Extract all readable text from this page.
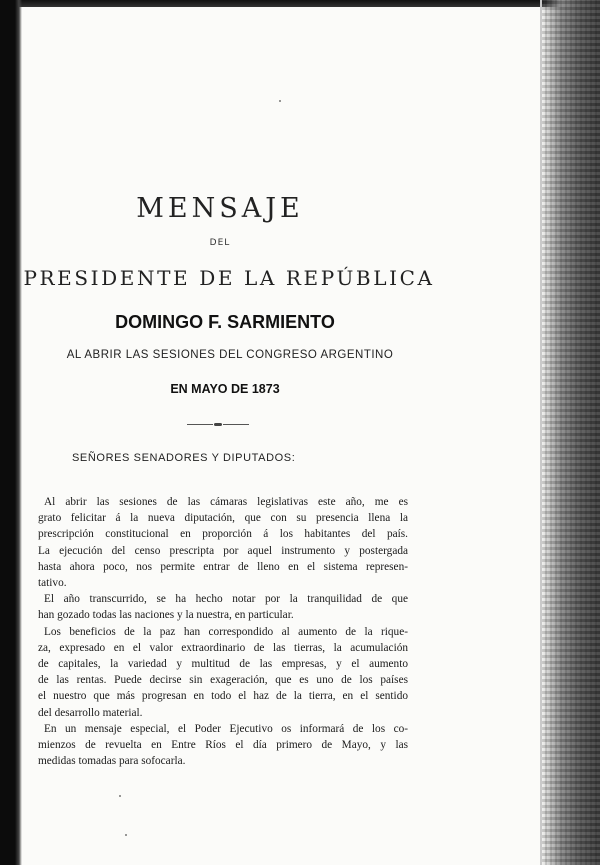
MENSAJE
DEL
PRESIDENTE DE LA REPÚBLICA
DOMINGO F. SARMIENTO
AL ABRIR LAS SESIONES DEL CONGRESO ARGENTINO
EN MAYO DE 1873
SEÑORES SENADORES Y DIPUTADOS:

Al abrir las sesiones de las cámaras legislativas este año, me es

grato felicitar á la nueva diputación, que con su presencia llena la

prescripción constitucional en proporción á los habitantes del país.

La ejecución del censo prescripta por aquel instrumento y postergada

hasta ahora poco, nos permite entrar de lleno en el sistema represen-

tativo.

El año transcurrido, se ha hecho notar por la tranquilidad de que

han gozado todas las naciones y la nuestra, en particular.

Los beneficios de la paz han correspondido al aumento de la rique-

za, expresado en el valor extraordinario de las tierras, la acumulación

de capitales, la variedad y multitud de las empresas, y el aumento

de las rentas. Puede decirse sin exageración, que es uno de los países

el nuestro que más progresan en todo el haz de la tierra, en el sentido

del desarrollo material.

En un mensaje especial, el Poder Ejecutivo os informará de los co-

mienzos de revuelta en Entre Ríos el día primero de Mayo, y las

medidas tomadas para sofocarla.
